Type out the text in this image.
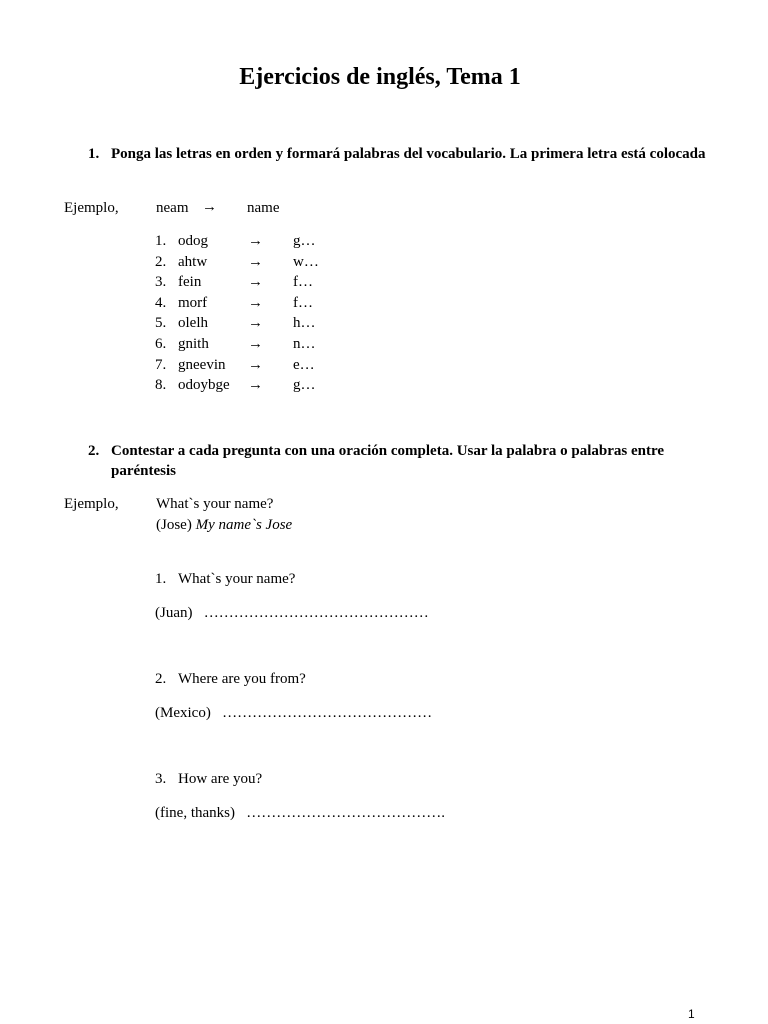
Ejercicios de inglés, Tema 1
1. Ponga las letras en orden y formará palabras del vocabulario. La primera letra está colocada
Ejemplo, neam → name
1. odog	→ g…
2. ahtw	→ w…
3. fein	→ f…
4. morf	→ f…
5. olelh	→ h…
6. gnith	→ n…
7. gneevin → e…
8. odoybge → g…
2. Contestar a cada pregunta con una oración completa. Usar la palabra o palabras entre paréntesis
Ejemplo, What`s your name?
(Jose) My name`s Jose
1. What`s your name?
(Juan) ………………………………………
2. Where are you from?
(Mexico) ……………………………………
3. How are you?
(fine, thanks) ………………………………….
1
